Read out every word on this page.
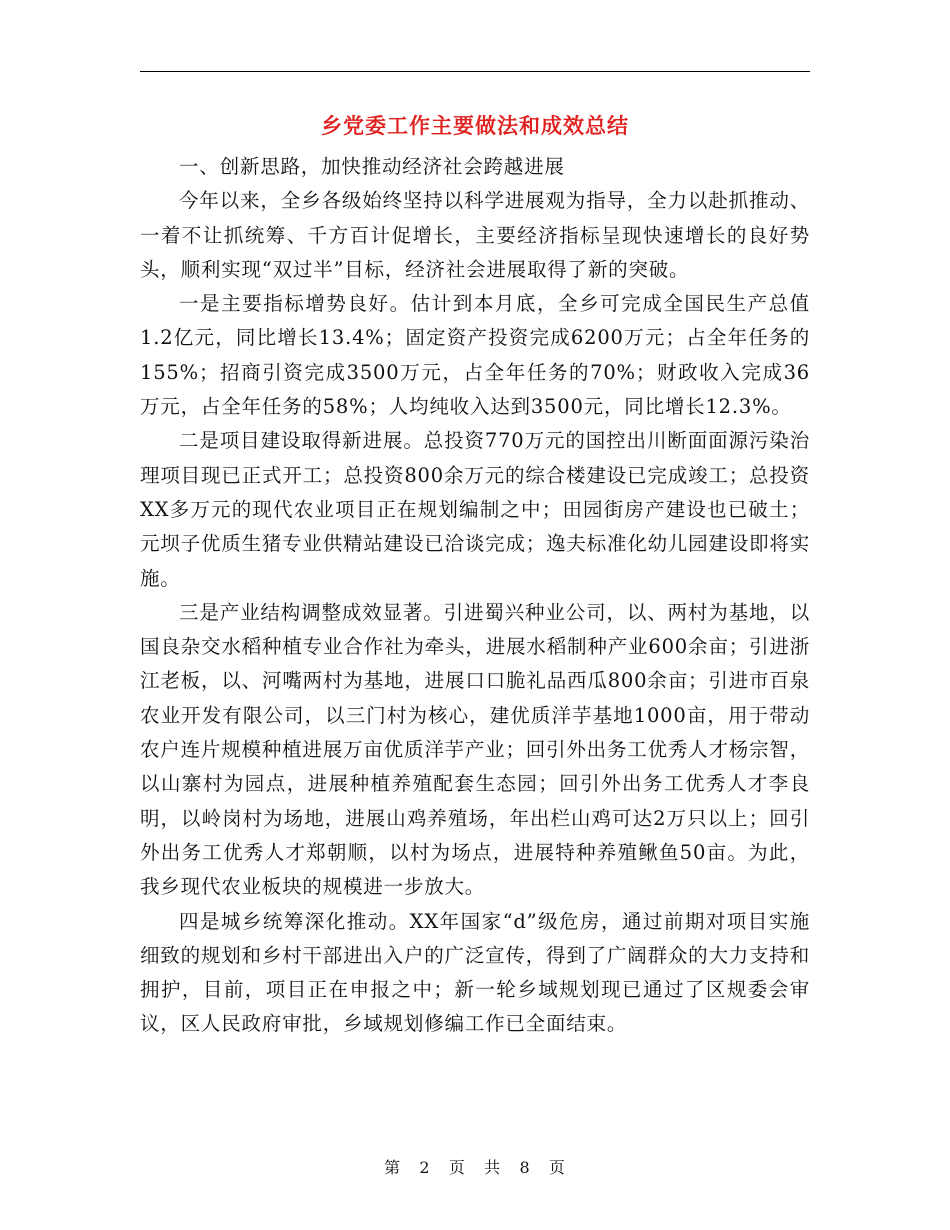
乡党委工作主要做法和成效总结

一、创新思路，加快推动经济社会跨越进展

今年以来，全乡各级始终坚持以科学进展观为指导，全力以赴抓推动、一着不让抓统筹、千方百计促增长，主要经济指标呈现快速增长的良好势头，顺利实现“双过半”目标，经济社会进展取得了新的突破。

一是主要指标增势良好。估计到本月底，全乡可完成全国民生产总值1.2亿元，同比增长13.4%；固定资产投资完成6200万元；占全年任务的155%；招商引资完成3500万元，占全年任务的70%；财政收入完成36万元，占全年任务的58%；人均纯收入达到3500元，同比增长12.3%。

二是项目建设取得新进展。总投资770万元的国控出川断面面源污染治理项目现已正式开工；总投资800余万元的综合楼建设已完成竣工；总投资XX多万元的现代农业项目正在规划编制之中；田园街房产建设也已破土；元坝子优质生猪专业供精站建设已洽谈完成；逸夫标准化幼儿园建设即将实施。

三是产业结构调整成效显著。引进蜀兴种业公司，以、两村为基地，以国良杂交水稻种植专业合作社为牵头，进展水稻制种产业600余亩；引进浙江老板，以、河嘴两村为基地，进展口口脆礼品西瓜800余亩；引进市百泉农业开发有限公司，以三门村为核心，建优质洋芋基地1000亩，用于带动农户连片规模种植进展万亩优质洋芋产业；回引外出务工优秀人才杨宗智，以山寨村为园点，进展种植养殖配套生态园；回引外出务工优秀人才李良明，以岭岗村为场地，进展山鸡养殖场，年出栏山鸡可达2万只以上；回引外出务工优秀人才郑朝顺，以村为场点，进展特种养殖鳅鱼50亩。为此，我乡现代农业板块的规模进一步放大。

四是城乡统筹深化推动。XX年国家“d”级危房，通过前期对项目实施细致的规划和乡村干部进出入户的广泛宣传，得到了广阔群众的大力支持和拥护，目前，项目正在申报之中；新一轮乡域规划现已通过了区规委会审议，区人民政府审批，乡域规划修编工作已全面结束。

第 2 页 共 8 页
